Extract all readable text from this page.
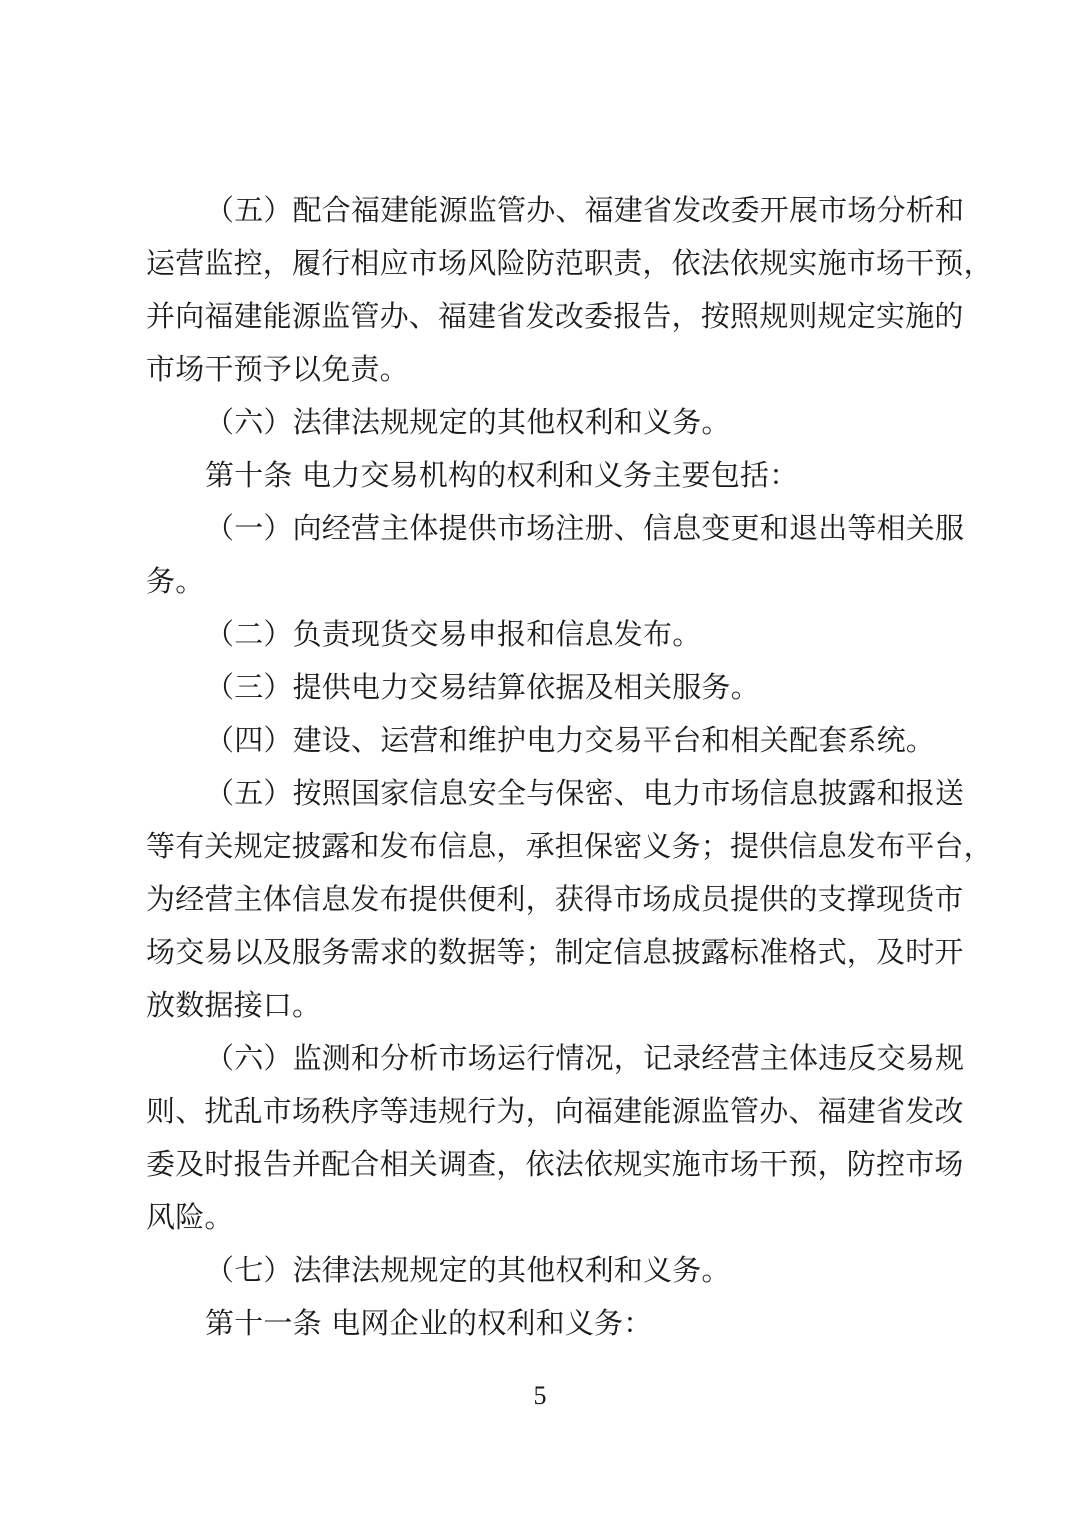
（五）配合福建能源监管办、福建省发改委开展市场分析和
运营监控，履行相应市场风险防范职责，依法依规实施市场干预，
并向福建能源监管办、福建省发改委报告，按照规则规定实施的
市场干预予以免责。
（六）法律法规规定的其他权利和义务。
第十条 电力交易机构的权利和义务主要包括：
（一）向经营主体提供市场注册、信息变更和退出等相关服
务。
（二）负责现货交易申报和信息发布。
（三）提供电力交易结算依据及相关服务。
（四）建设、运营和维护电力交易平台和相关配套系统。
（五）按照国家信息安全与保密、电力市场信息披露和报送
等有关规定披露和发布信息，承担保密义务；提供信息发布平台，
为经营主体信息发布提供便利，获得市场成员提供的支撑现货市
场交易以及服务需求的数据等；制定信息披露标准格式，及时开
放数据接口。
（六）监测和分析市场运行情况，记录经营主体违反交易规
则、扰乱市场秩序等违规行为，向福建能源监管办、福建省发改
委及时报告并配合相关调查，依法依规实施市场干预，防控市场
风险。
（七）法律法规规定的其他权利和义务。
第十一条 电网企业的权利和义务：
5
